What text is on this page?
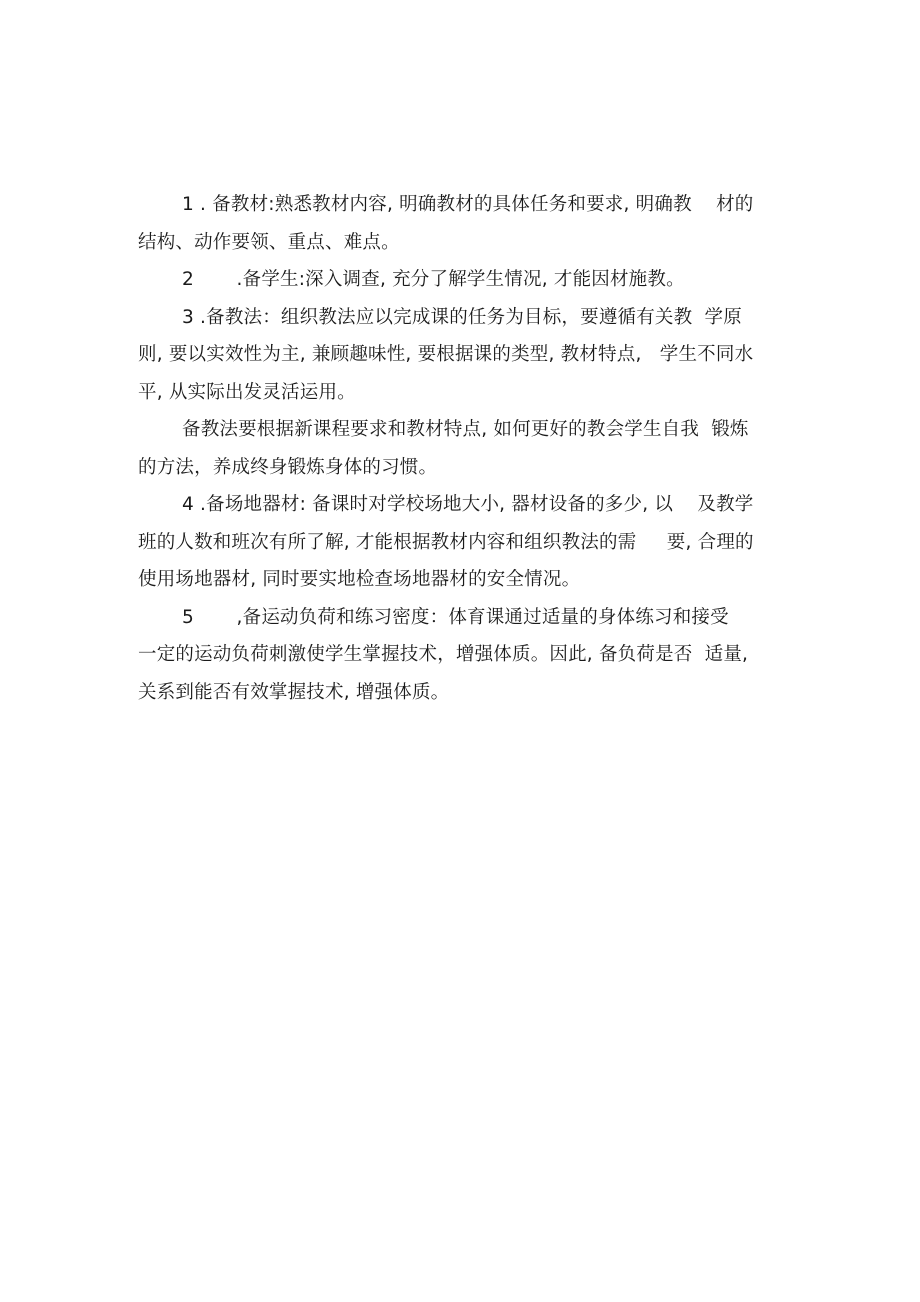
1 . 备教材:熟悉教材内容, 明确教材的具体任务和要求, 明确教    材的
结构、动作要领、重点、难点。
2       .备学生:深入调查, 充分了解学生情况, 才能因材施教。
3 .备教法：组织教法应以完成课的任务为目标，要遵循有关教  学原
则, 要以实效性为主, 兼顾趣味性, 要根据课的类型, 教材特点,   学生不同水
平, 从实际出发灵活运用。
备教法要根据新课程要求和教材特点, 如何更好的教会学生自我  锻炼
的方法，养成终身锻炼身体的习惯。
4 .备场地器材: 备课时对学校场地大小, 器材设备的多少, 以    及教学
班的人数和班次有所了解, 才能根据教材内容和组织教法的需     要, 合理的
使用场地器材, 同时要实地检查场地器材的安全情况。
5       ,备运动负荷和练习密度：体育课通过适量的身体练习和接受
一定的运动负荷刺激使学生掌握技术，增强体质。因此, 备负荷是否  适量,
关系到能否有效掌握技术, 增强体质。
